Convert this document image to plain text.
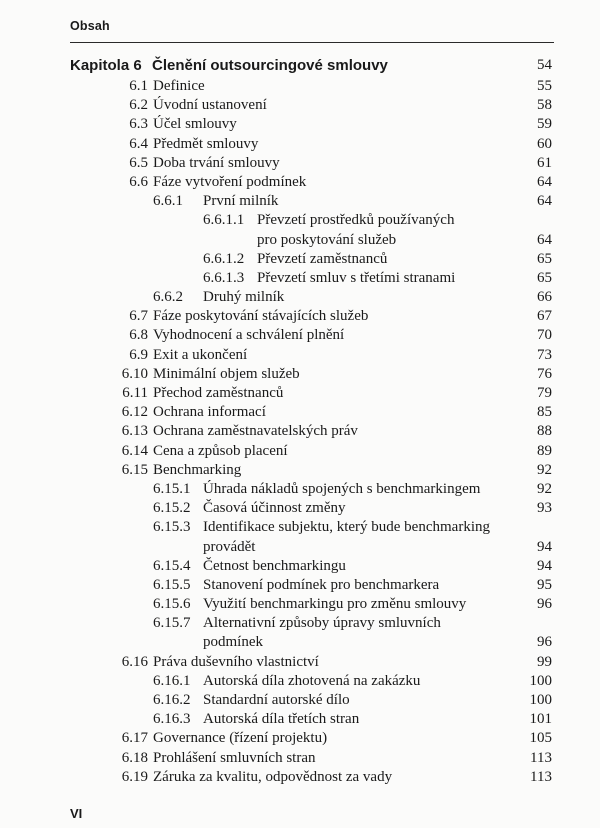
Obsah
Kapitola 6 Členění outsourcingové smlouvy	54
6.1 Definice	55
6.2 Úvodní ustanovení	58
6.3 Účel smlouvy	59
6.4 Předmět smlouvy	60
6.5 Doba trvání smlouvy	61
6.6 Fáze vytvoření podmínek	64
6.6.1 První milník	64
6.6.1.1 Převzetí prostředků používaných
pro poskytování služeb	64
6.6.1.2 Převzetí zaměstnanců	65
6.6.1.3 Převzetí smluv s třetími stranami	65
6.6.2 Druhý milník	66
6.7 Fáze poskytování stávajících služeb	67
6.8 Vyhodnocení a schválení plnění	70
6.9 Exit a ukončení	73
6.10 Minimální objem služeb	76
6.11 Přechod zaměstnanců	79
6.12 Ochrana informací	85
6.13 Ochrana zaměstnavatelských práv	88
6.14 Cena a způsob placení	89
6.15 Benchmarking	92
6.15.1 Úhrada nákladů spojených s benchmarkingem	92
6.15.2 Časová účinnost změny	93
6.15.3 Identifikace subjektu, který bude benchmarking
provádět	94
6.15.4 Četnost benchmarkingu	94
6.15.5 Stanovení podmínek pro benchmarkera	95
6.15.6 Využití benchmarkingu pro změnu smlouvy	96
6.15.7 Alternativní způsoby úpravy smluvních
podmínek	96
6.16 Práva duševního vlastnictví	99
6.16.1 Autorská díla zhotovená na zakázku	100
6.16.2 Standardní autorské dílo	100
6.16.3 Autorská díla třetích stran	101
6.17 Governance (řízení projektu)	105
6.18 Prohlášení smluvních stran	113
6.19 Záruka za kvalitu, odpovědnost za vady	113
VI
